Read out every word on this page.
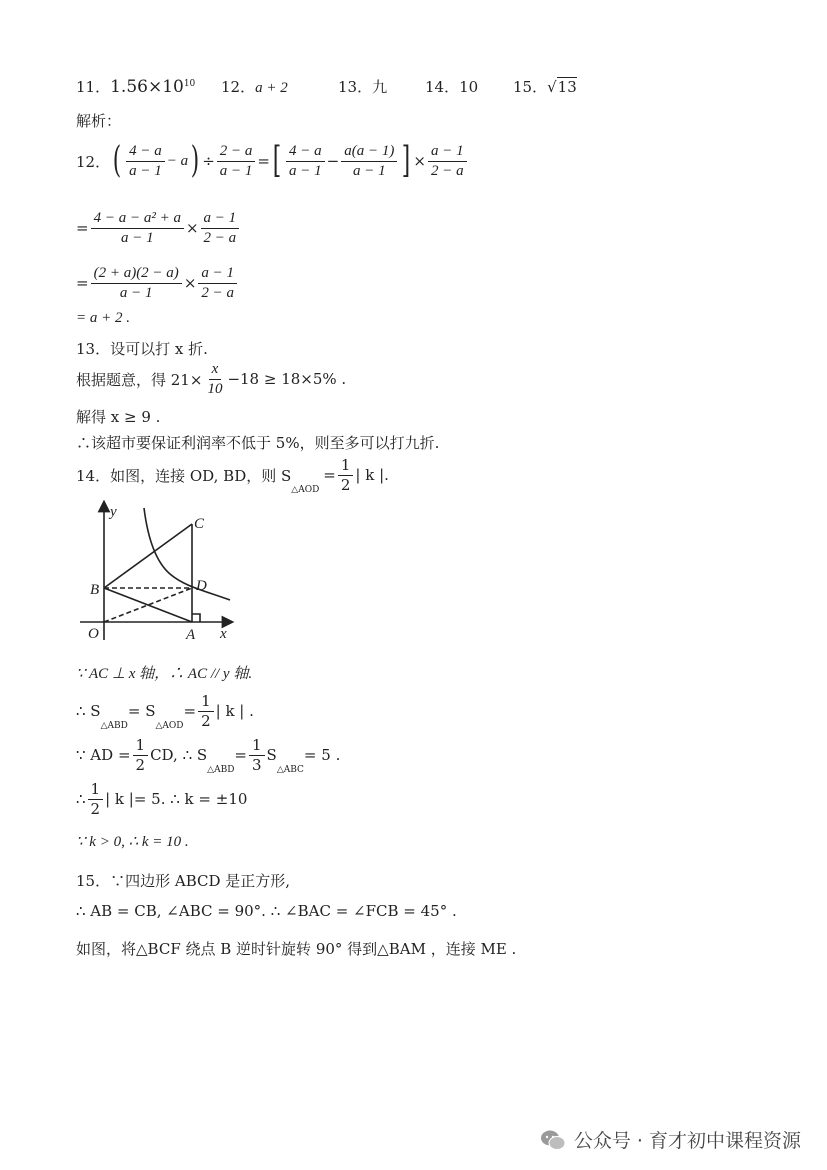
11．$1.56\times 10^{10}$ 12．a + 2	13．九	14．10 15．√13
解析：
12． ( $\frac{4 - a}{a - 1} - a$ ) ÷ $\frac{2 - a}{a - 1}$ = [ $\frac{4 - a}{a - 1} - \frac{a(a - 1)}{a - 1}$ ] × $\frac{a - 1}{2 - a}$
= $\frac{\text{4 − a − a² + a}}{a - 1} \times \frac{a - 1}{2 - a}$
= $\frac{(2 + a)(2 - a)}{a - 1} \times \frac{a - 1}{2 - a}$
= a + 2 .
13．设可以打 x 折.
根据题意，得 $21\times \frac{x}{10} -18 \ge 18\times 5\%$ .
解得 x ≥ 9 .
∴该超市要保证利润率不低于 5%，则至多可以打九折.
14．如图，连接 OD, BD，则 S
$_{\triangle AOD}$
= $\frac{1}{2}$ | k |.
y
x
O	A
B
C
D
∵ AC ⊥ x 轴，∴ AC // y 轴.
∴ S
△ABD
= S
△AOD
= $\frac{1}{2}$ | k | .
∵ AD = $\frac{1}{2}$ CD, ∴ S
△ABD
= $\frac{1}{3}$ S
△ABC
= 5 .
∴ $\frac{1}{2}$ | k |= 5. ∴ k = ±10
∵ k > 0, ∴ k = 10 .
15．∵四边形 ABCD 是正方形,
∴ AB = CB, ∠ABC = 90°. ∴ ∠BAC = ∠FCB = 45° .
如图，将△BCF 绕点 B 逆时针旋转 90° 得到△BAM ，连接 ME .
公众号 · 育才初中课程资源
